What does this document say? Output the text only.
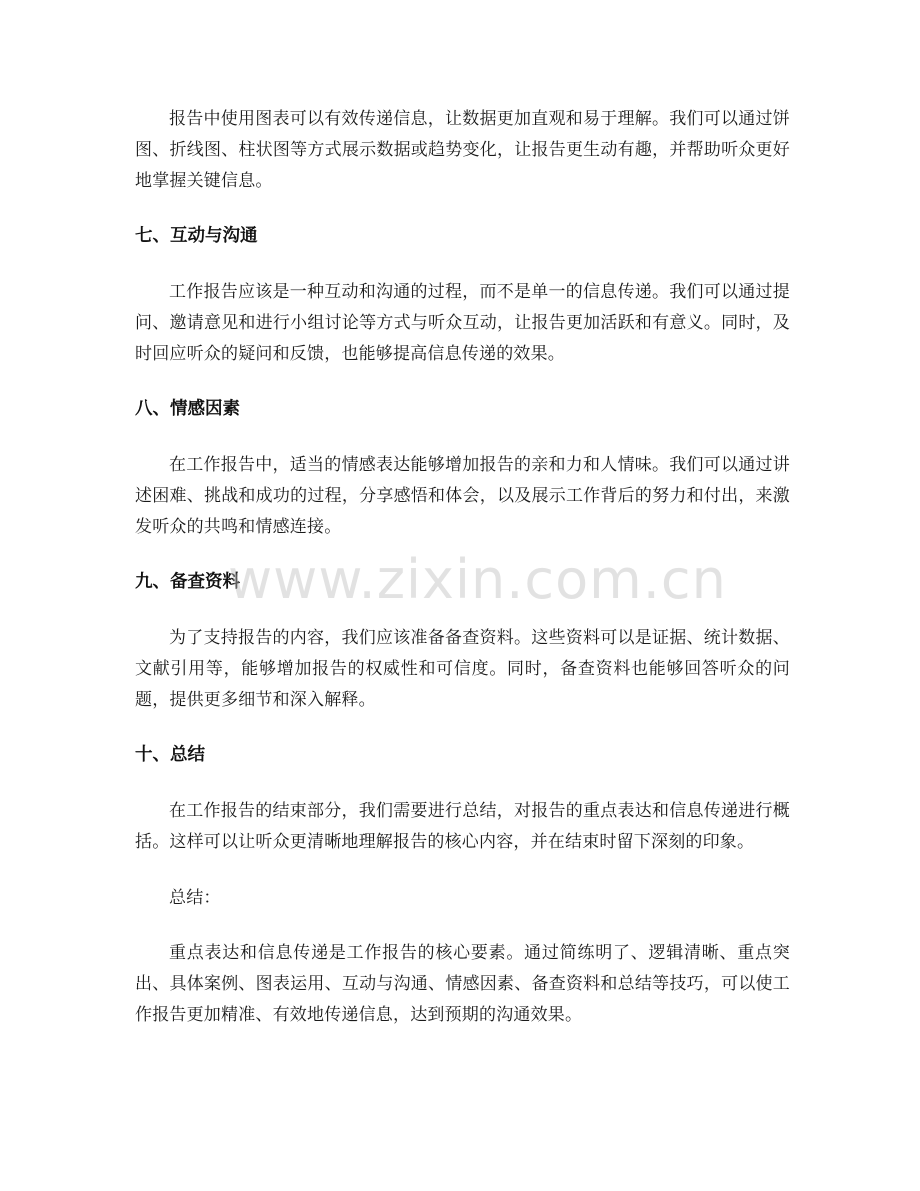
报告中使用图表可以有效传递信息，让数据更加直观和易于理解。我们可以通过饼图、折线图、柱状图等方式展示数据或趋势变化，让报告更生动有趣，并帮助听众更好地掌握关键信息。

七、互动与沟通

工作报告应该是一种互动和沟通的过程，而不是单一的信息传递。我们可以通过提问、邀请意见和进行小组讨论等方式与听众互动，让报告更加活跃和有意义。同时，及时回应听众的疑问和反馈，也能够提高信息传递的效果。

八、情感因素

在工作报告中，适当的情感表达能够增加报告的亲和力和人情味。我们可以通过讲述困难、挑战和成功的过程，分享感悟和体会，以及展示工作背后的努力和付出，来激发听众的共鸣和情感连接。

九、备查资料

为了支持报告的内容，我们应该准备备查资料。这些资料可以是证据、统计数据、文献引用等，能够增加报告的权威性和可信度。同时，备查资料也能够回答听众的问题，提供更多细节和深入解释。

十、总结

在工作报告的结束部分，我们需要进行总结，对报告的重点表达和信息传递进行概括。这样可以让听众更清晰地理解报告的核心内容，并在结束时留下深刻的印象。

总结：

重点表达和信息传递是工作报告的核心要素。通过简练明了、逻辑清晰、重点突出、具体案例、图表运用、互动与沟通、情感因素、备查资料和总结等技巧，可以使工作报告更加精准、有效地传递信息，达到预期的沟通效果。

www.zixin.com.cn
